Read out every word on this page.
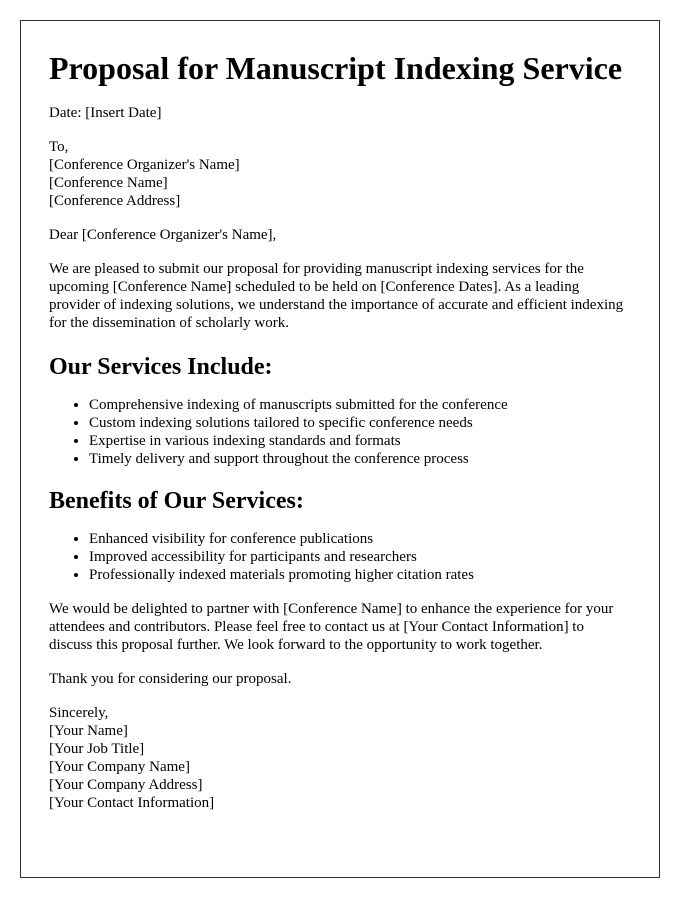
Proposal for Manuscript Indexing Service

Date: [Insert Date]

To,
[Conference Organizer's Name]
[Conference Name]
[Conference Address]

Dear [Conference Organizer's Name],

We are pleased to submit our proposal for providing manuscript indexing services for the upcoming [Conference Name] scheduled to be held on [Conference Dates]. As a leading provider of indexing solutions, we understand the importance of accurate and efficient indexing for the dissemination of scholarly work.

Our Services Include:
• Comprehensive indexing of manuscripts submitted for the conference
• Custom indexing solutions tailored to specific conference needs
• Expertise in various indexing standards and formats
• Timely delivery and support throughout the conference process
Benefits of Our Services:
• Enhanced visibility for conference publications
• Improved accessibility for participants and researchers
• Professionally indexed materials promoting higher citation rates

We would be delighted to partner with [Conference Name] to enhance the experience for your attendees and contributors. Please feel free to contact us at [Your Contact Information] to discuss this proposal further. We look forward to the opportunity to work together.

Thank you for considering our proposal.

Sincerely,
[Your Name]
[Your Job Title]
[Your Company Name]
[Your Company Address]
[Your Contact Information]
